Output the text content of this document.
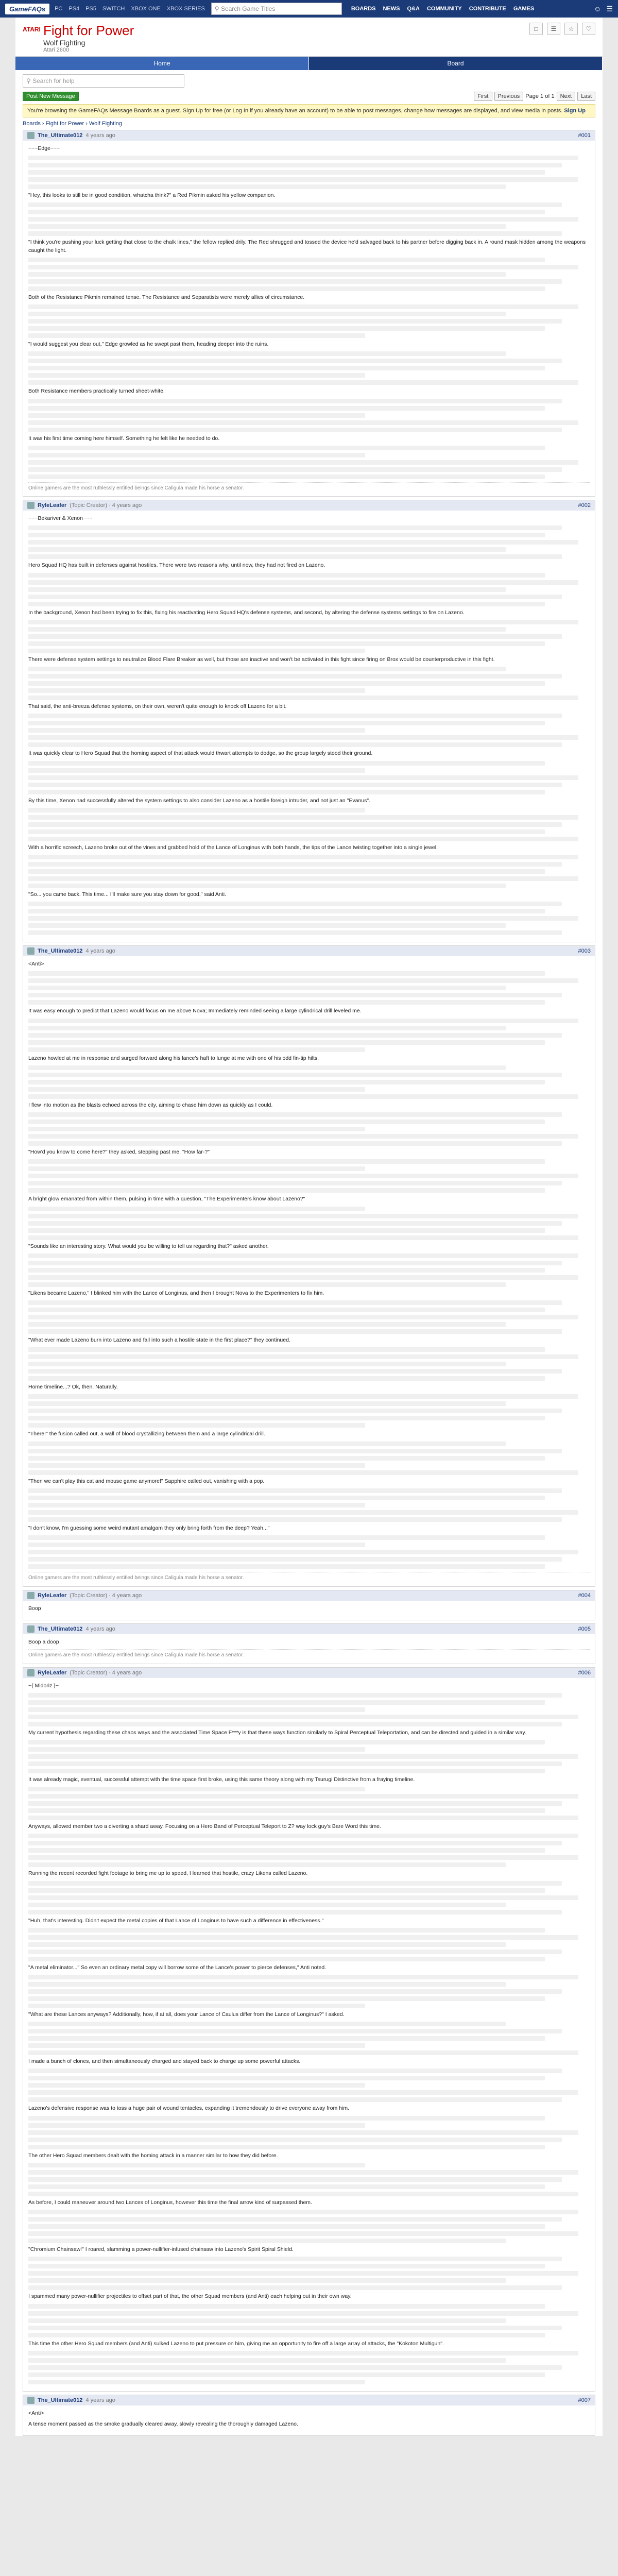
GameFAQs	PC PS4 PS5 SWITCH XBOX ONE XBOX SERIES ⚲ Search Game Titles	BOARDS NEWS Q&A COMMUNITY CONTRIBUTE GAMES	☺ ☰
ATARI Fight for Power
Wolf Fighting
Atari 2600
□	☰	☆	♡
Home	Board
⚲ Search for help
Post New Message	First	Previous	Page 1 of 1	Next	Last
You're browsing the GameFAQs Message Boards as a guest. Sign Up for free (or Log In if you already have an account) to be able to post messages, change how messages are displayed, and view media in posts. Sign Up
Boards › Fight for Power › Wolf Fighting
The_Ultimate012 4 years ago	#001

~~~Edge~~~

"Hey, this looks to still be in good condition, whatcha think?" a Red Pikmin asked his yellow companion.

"I think you're pushing your luck getting that close to the chalk lines," the fellow replied drily. The Red shrugged and tossed the device he'd salvaged back to his partner before digging back in. A round mask hidden among the weapons caught the light.

Both of the Resistance Pikmin remained tense. The Resistance and Separatists were merely allies of circumstance.

"I would suggest you clear out," Edge growled as he swept past them, heading deeper into the ruins.

Both Resistance members practically turned sheet-white.

It was his first time coming here himself. Something he felt like he needed to do.

Online gamers are the most ruthlessly entitled beings since Caligula made his horse a senator.
RyleLeafer (Topic Creator) · 4 years ago	#002

~~~Bekariver & Xenon~~~

Hero Squad HQ has built in defenses against hostiles. There were two reasons why, until now, they had not fired on Lazeno.

In the background, Xenon had been trying to fix this, fixing his reactivating Hero Squad HQ's defense systems, and second, by altering the defense systems settings to fire on Lazeno.

There were defense system settings to neutralize Blood Flare Breaker as well, but those are inactive and won't be activated in this fight since firing on Brox would be counterproductive in this fight.

That said, the anti-breeza defense systems, on their own, weren't quite enough to knock off Lazeno for a bit.

It was quickly clear to Hero Squad that the homing aspect of that attack would thwart attempts to dodge, so the group largely stood their ground.

By this time, Xenon had successfully altered the system settings to also consider Lazeno as a hostile foreign intruder, and not just an "Evanus".

With a horrific screech, Lazeno broke out of the vines and grabbed hold of the Lance of Longinus with both hands, the tips of the Lance twisting together into a single jewel.

"So... you came back. This time... I'll make sure you stay down for good," said Anti.

The_Ultimate012 4 years ago	#003

<Anti>

It was easy enough to predict that Lazeno would focus on me above Nova; Immediately reminded seeing a large cylindrical drill leveled me.

Lazeno howled at me in response and surged forward along his lance's haft to lunge at me with one of his odd fin-tip hilts.

I flew into motion as the blasts echoed across the city, aiming to chase him down as quickly as I could.

"How'd you know to come here?" they asked, stepping past me. "How far-?"

A bright glow emanated from within them, pulsing in time with a question, "The Experimenters know about Lazeno?"

"Sounds like an interesting story. What would you be willing to tell us regarding that?" asked another.

"Likens became Lazeno," I blinked him with the Lance of Longinus, and then I brought Nova to the Experimenters to fix him.

"What ever made Lazeno burn into Lazeno and fall into such a hostile state in the first place?" they continued.

Home timeline...? Ok, then. Naturally.

"There!" the fusion called out, a wall of blood crystallizing between them and a large cylindrical drill.

"Then we can't play this cat and mouse game anymore!" Sapphire called out, vanishing with a pop.

"I don't know, I'm guessing some weird mutant amalgam they only bring forth from the deep? Yeah..."

Online gamers are the most ruthlessly entitled beings since Caligula made his horse a senator.
RyleLeafer (Topic Creator) · 4 years ago	#004

Boop

The_Ultimate012 4 years ago	#005

Boop a doop

Online gamers are the most ruthlessly entitled beings since Caligula made his horse a senator.
RyleLeafer (Topic Creator) · 4 years ago	#006

~{ Midoriz }~

My current hypothesis regarding these chaos ways and the associated Time Space F***y is that these ways function similarly to Spiral Perceptual Teleportation, and can be directed and guided in a similar way.

It was already magic, eventual, successful attempt with the time space first broke, using this same theory along with my Tsurugi Distinctive from a fraying timeline.

Anyways, allowed member two a diverting a shard away. Focusing on a Hero Band of Perceptual Teleport to Z? way lock guy's Bare Word this time.

Running the recent recorded fight footage to bring me up to speed, I learned that hostile, crazy Likens called Lazeno.

"Huh, that's interesting. Didn't expect the metal copies of that Lance of Longinus to have such a difference in effectiveness."

"A metal eliminator..." So even an ordinary metal copy will borrow some of the Lance's power to pierce defenses," Anti noted.

"What are these Lances anyways? Additionally, how, if at all, does your Lance of Caulus differ from the Lance of Longinus?" I asked.

I made a bunch of clones, and then simultaneously charged and stayed back to charge up some powerful attacks.

Lazeno's defensive response was to toss a huge pair of wound tentacles, expanding it tremendously to drive everyone away from him.

The other Hero Squad members dealt with the homing attack in a manner similar to how they did before.

As before, I could maneuver around two Lances of Longinus, however this time the final arrow kind of surpassed them.

"Chromium Chainsaw!" I roared, slamming a power-nullifier-infused chainsaw into Lazeno's Spirit Spiral Shield.

I spammed many power-nullifier projectiles to offset part of that, the other Squad members (and Anti) each helping out in their own way.

This time the other Hero Squad members (and Anti) sulked Lazeno to put pressure on him, giving me an opportunity to fire off a large array of attacks, the "Kokoton Multigun".

The_Ultimate012 4 years ago	#007

<Anti>

A tense moment passed as the smoke gradually cleared away, slowly revealing the thoroughly damaged Lazeno.
